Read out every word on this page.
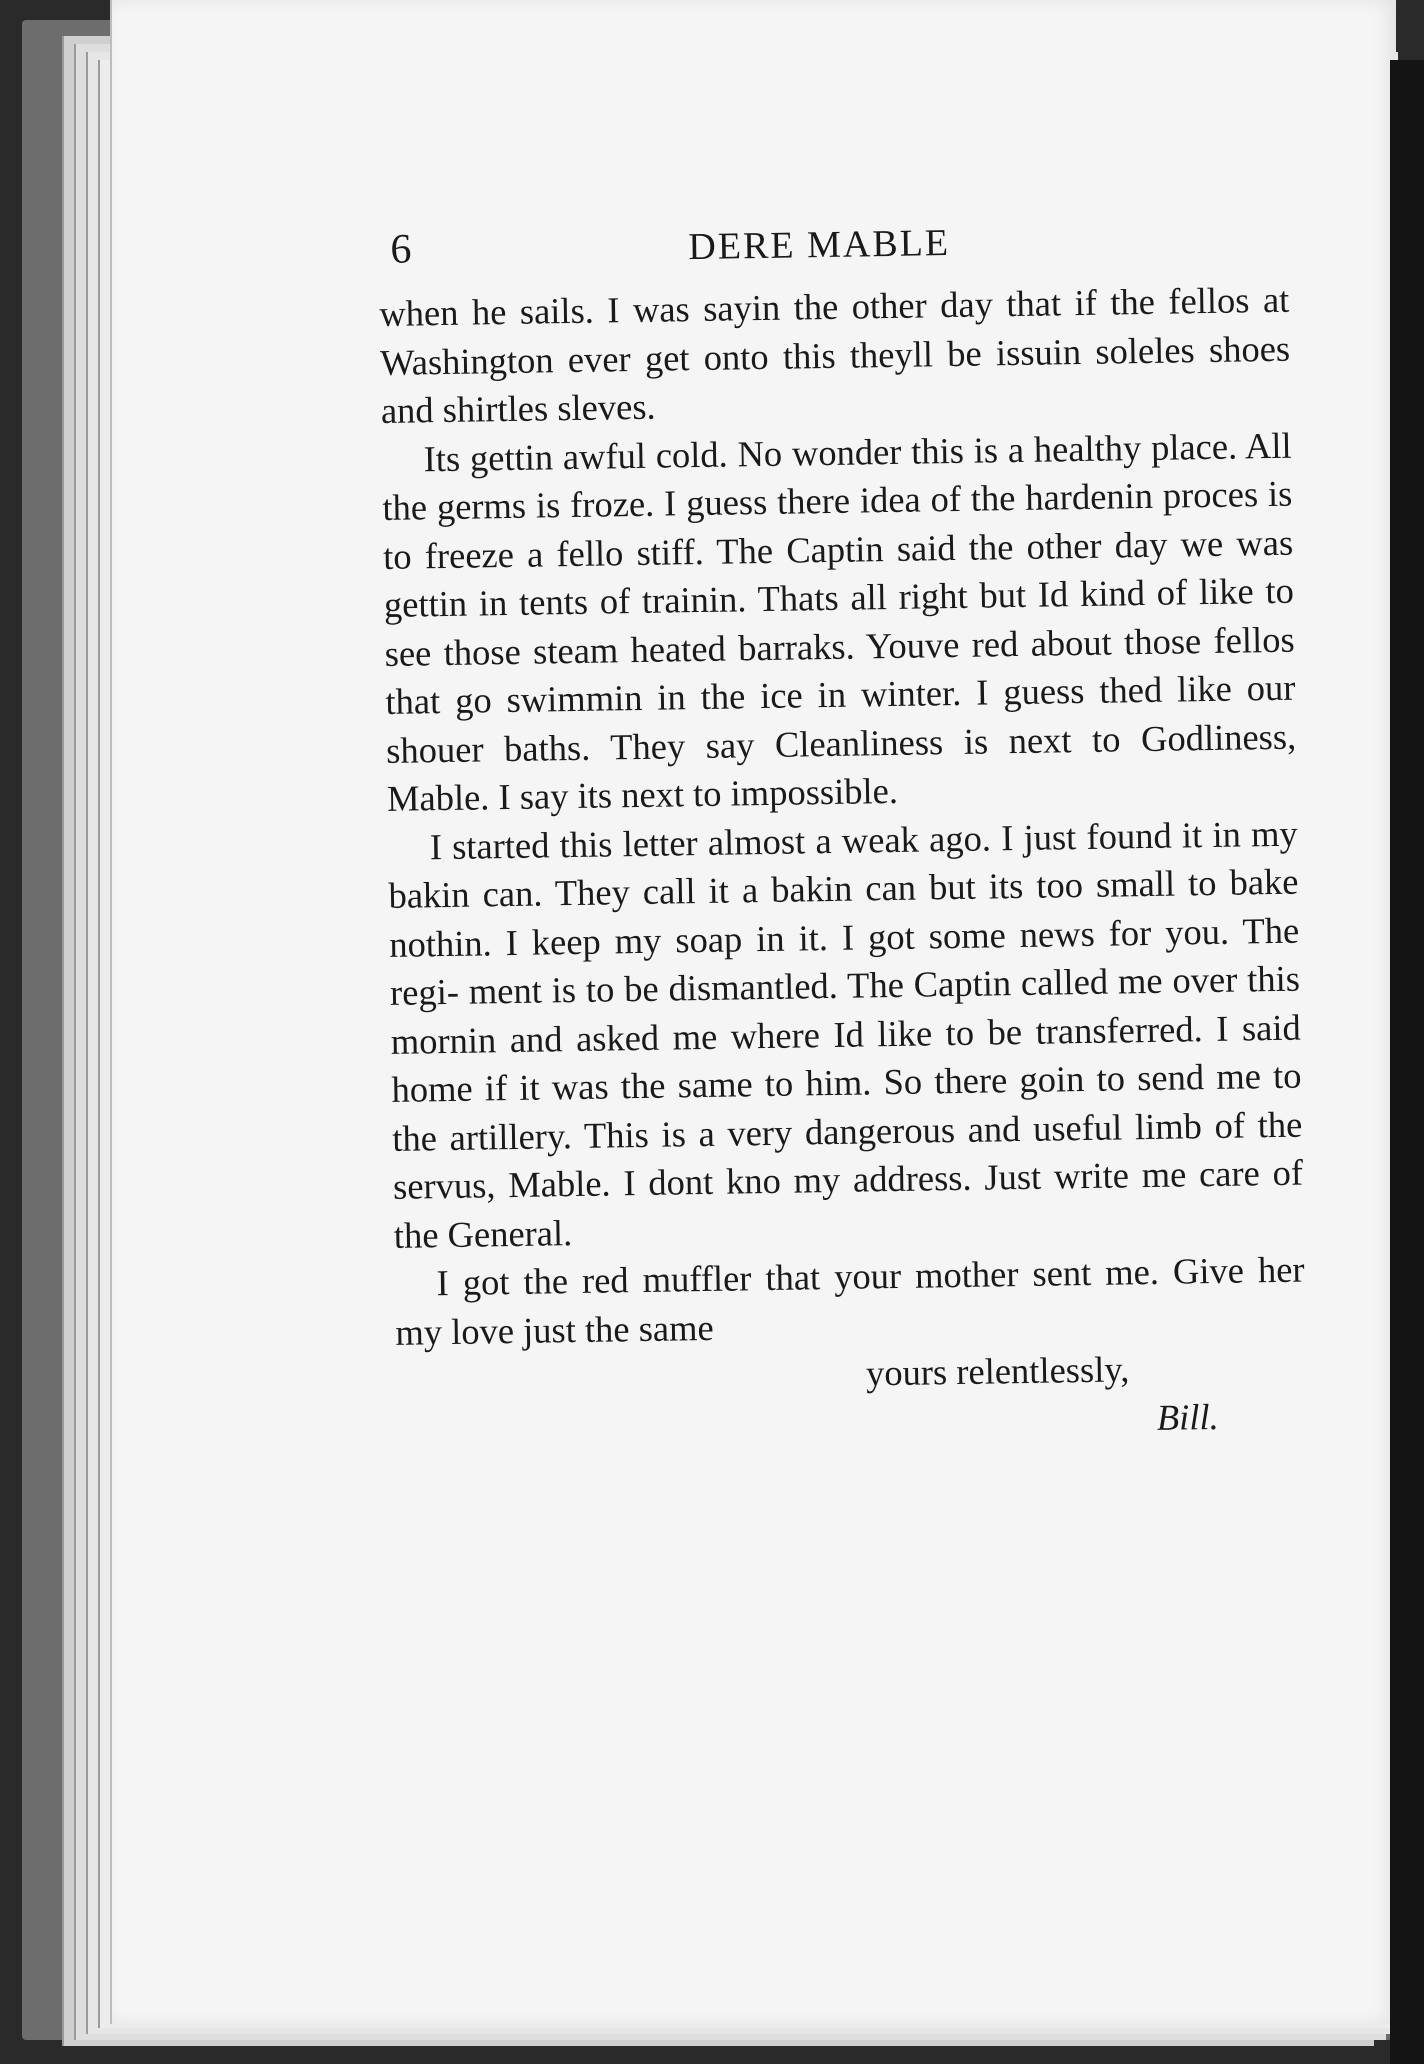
6	DERE MABLE

when he sails. I was sayin the other day that if the fellos at Washington ever get onto this theyll be issuin soleles shoes and shirtles sleves.

Its gettin awful cold. No wonder this is a healthy place. All the germs is froze. I guess there idea of the hardenin proces is to freeze a fello stiff. The Captin said the other day we was gettin in tents of trainin. Thats all right but Id kind of like to see those steam heated barraks. Youve red about those fellos that go swimmin in the ice in winter. I guess thed like our shouer baths. They say Cleanliness is next to Godliness, Mable. I say its next to impossible.

I started this letter almost a weak ago. I just found it in my bakin can. They call it a bakin can but its too small to bake nothin. I keep my soap in it. I got some news for you. The regi- ment is to be dismantled. The Captin called me over this mornin and asked me where Id like to be transferred. I said home if it was the same to him. So there goin to send me to the artillery. This is a very dangerous and useful limb of the servus, Mable. I dont kno my address. Just write me care of the General.

I got the red muffler that your mother sent me. Give her my love just the same

yours relentlessly,

Bill.
